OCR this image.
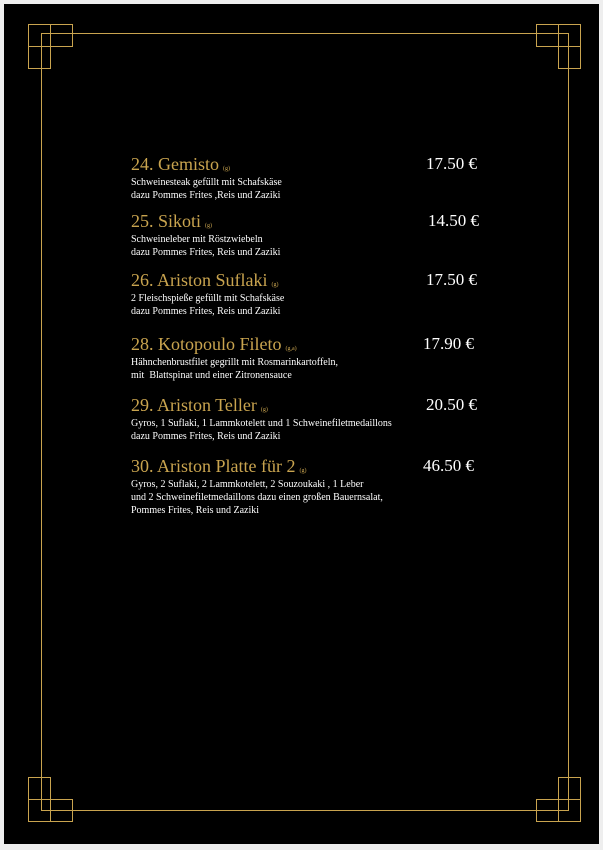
24. Gemisto (g)	17.50 €
Schweinesteak gefüllt mit Schafskäse
dazu Pommes Frites ,Reis und Zaziki
25. Sikoti (g)	14.50 €
Schweineleber mit Röstzwiebeln
dazu Pommes Frites, Reis und Zaziki
26. Ariston Suflaki (g)	17.50 €
2 Fleischspieße gefüllt mit Schafskäse
dazu Pommes Frites, Reis und Zaziki
28. Kotopoulo Fileto (g,a)	17.90 €
Hähnchenbrustfilet gegrillt mit Rosmarinkartoffeln,
mit  Blattspinat und einer Zitronensauce
29. Ariston Teller (g)	20.50 €
Gyros, 1 Suflaki, 1 Lammkotelett und 1 Schweinefiletmedaillons
dazu Pommes Frites, Reis und Zaziki
30. Ariston Platte für 2 (g)	46.50 €
Gyros, 2 Suflaki, 2 Lammkotelett, 2 Souzoukaki , 1 Leber
und 2 Schweinefiletmedaillons dazu einen großen Bauernsalat,
Pommes Frites, Reis und Zaziki
